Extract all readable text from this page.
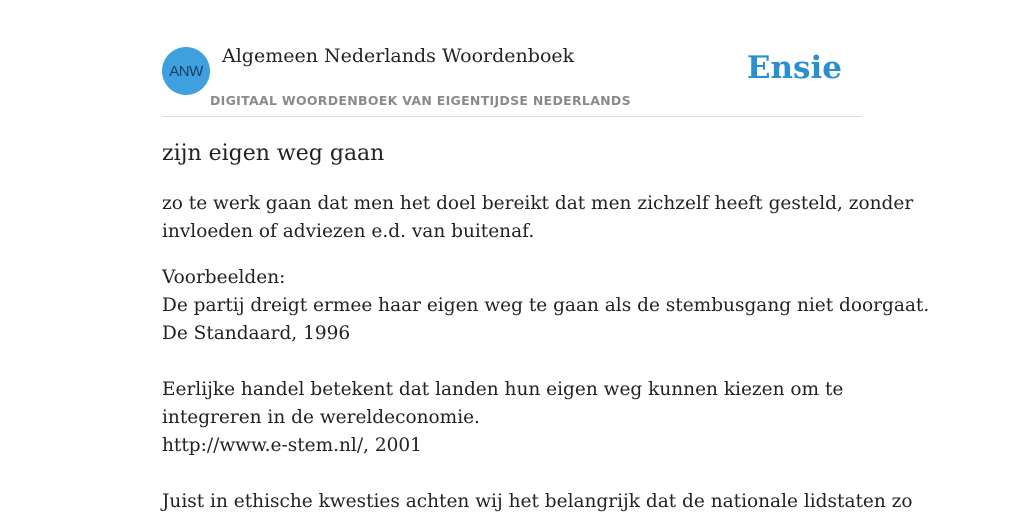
ANW
Algemeen Nederlands Woordenboek
DIGITAAL WOORDENBOEK VAN EIGENTIJDSE NEDERLANDS
Ensie
zijn eigen weg gaan

zo te werk gaan dat men het doel bereikt dat men zichzelf heeft gesteld, zonder
invloeden of adviezen e.d. van buitenaf.

Voorbeelden:
De partij dreigt ermee haar eigen weg te gaan als de stembusgang niet doorgaat.
De Standaard, 1996
Eerlijke handel betekent dat landen hun eigen weg kunnen kiezen om te
integreren in de wereldeconomie.
http://www.e-stem.nl/, 2001
Juist in ethische kwesties achten wij het belangrijk dat de nationale lidstaten zo
